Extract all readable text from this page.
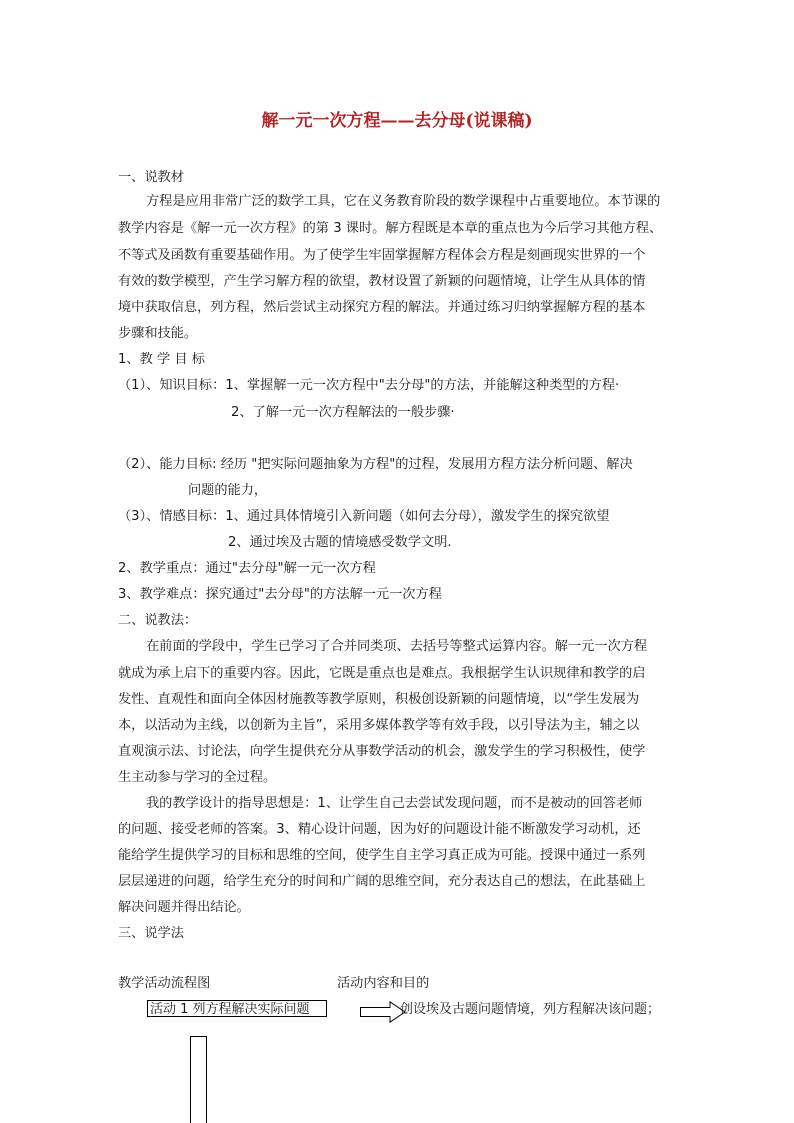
解一元一次方程——去分母(说课稿)
一、说教材
方程是应用非常广泛的数学工具，它在义务教育阶段的数学课程中占重要地位。本节课的
教学内容是《解一元一次方程》的第 3 课时。解方程既是本章的重点也为今后学习其他方程、
不等式及函数有重要基础作用。为了使学生牢固掌握解方程体会方程是刻画现实世界的一个
有效的数学模型，产生学习解方程的欲望，教材设置了新颖的问题情境，让学生从具体的情
境中获取信息，列方程，然后尝试主动探究方程的解法。并通过练习归纳掌握解方程的基本
步骤和技能。
1、教 学 目 标
（1）、知识目标：1、掌握解一元一次方程中"去分母"的方法，并能解这种类型的方程·
2、了解一元一次方程解法的一般步骤·
（2）、能力目标: 经历 "把实际问题抽象为方程"的过程，发展用方程方法分析问题、解决
问题的能力，
（3）、情感目标：1、通过具体情境引入新问题（如何去分母），激发学生的探究欲望
2、通过埃及古题的情境感受数学文明.
2、教学重点：通过"去分母"解一元一次方程
3、教学难点：探究通过"去分母"的方法解一元一次方程
二、说教法：
在前面的学段中，学生已学习了合并同类项、去括号等整式运算内容。解一元一次方程
就成为承上启下的重要内容。因此，它既是重点也是难点。我根据学生认识规律和教学的启
发性、直观性和面向全体因材施教等教学原则，积极创设新颖的问题情境，以“学生发展为
本，以活动为主线，以创新为主旨”，采用多媒体教学等有效手段，以引导法为主，辅之以
直观演示法、讨论法，向学生提供充分从事数学活动的机会，激发学生的学习积极性，使学
生主动参与学习的全过程。
我的教学设计的指导思想是：1、让学生自己去尝试发现问题，而不是被动的回答老师
的问题、接受老师的答案。3、精心设计问题，因为好的问题设计能不断激发学习动机，还
能给学生提供学习的目标和思维的空间，使学生自主学习真正成为可能。授课中通过一系列
层层递进的问题，给学生充分的时间和广阔的思维空间，充分表达自己的想法，在此基础上
解决问题并得出结论。
三、说学法
教学活动流程图	活动内容和目的
活动 1 列方程解决实际问题	创设埃及古题问题情境，列方程解决该问题；
